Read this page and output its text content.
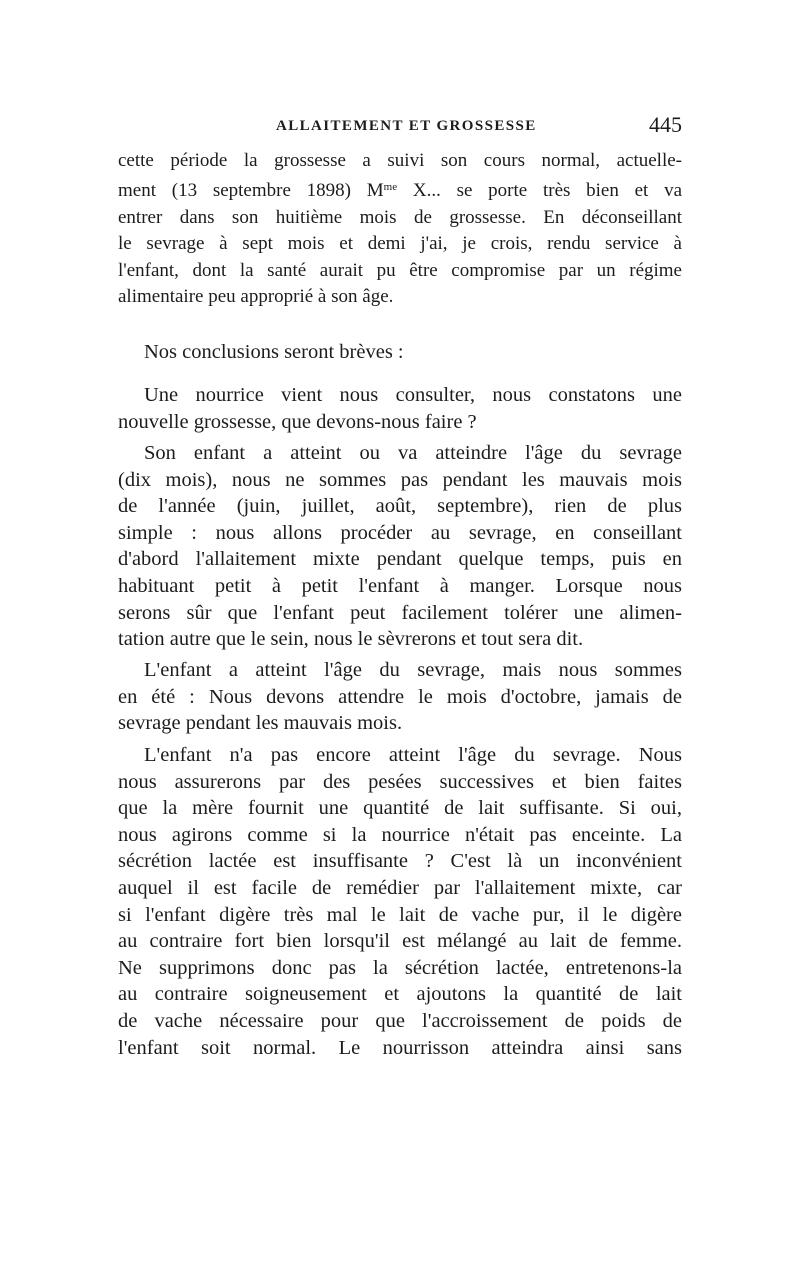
ALLAITEMENT ET GROSSESSE	445
cette période la grossesse a suivi son cours normal, actuelle-
ment (13 septembre 1898) $M^{me}$ X... se porte très bien et va
entrer dans son huitième mois de grossesse. En déconseillant
le sevrage à sept mois et demi j'ai, je crois, rendu service à
l'enfant, dont la santé aurait pu être compromise par un régime
alimentaire peu approprié à son âge.
Nos conclusions seront brèves :
Une nourrice vient nous consulter, nous constatons une
nouvelle grossesse, que devons-nous faire ?
Son enfant a atteint ou va atteindre l'âge du sevrage
(dix mois), nous ne sommes pas pendant les mauvais mois
de l'année (juin, juillet, août, septembre), rien de plus
simple : nous allons procéder au sevrage, en conseillant
d'abord l'allaitement mixte pendant quelque temps, puis en
habituant petit à petit l'enfant à manger. Lorsque nous
serons sûr que l'enfant peut facilement tolérer une alimen-
tation autre que le sein, nous le sèvrerons et tout sera dit.
L'enfant a atteint l'âge du sevrage, mais nous sommes
en été : Nous devons attendre le mois d'octobre, jamais de
sevrage pendant les mauvais mois.
L'enfant n'a pas encore atteint l'âge du sevrage. Nous
nous assurerons par des pesées successives et bien faites
que la mère fournit une quantité de lait suffisante. Si oui,
nous agirons comme si la nourrice n'était pas enceinte. La
sécrétion lactée est insuffisante ? C'est là un inconvénient
auquel il est facile de remédier par l'allaitement mixte, car
si l'enfant digère très mal le lait de vache pur, il le digère
au contraire fort bien lorsqu'il est mélangé au lait de femme.
Ne supprimons donc pas la sécrétion lactée, entretenons-la
au contraire soigneusement et ajoutons la quantité de lait
de vache nécessaire pour que l'accroissement de poids de
l'enfant soit normal. Le nourrisson atteindra ainsi sans
